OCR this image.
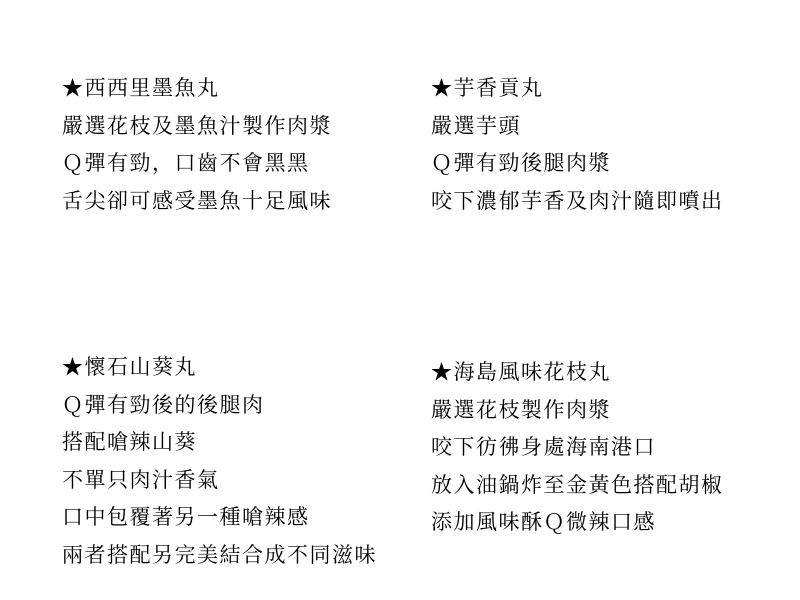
★西西里墨魚丸
嚴選花枝及墨魚汁製作肉漿
Ｑ彈有勁，口齒不會黑黑
舌尖卻可感受墨魚十足風味
★芋香貢丸
嚴選芋頭
Ｑ彈有勁後腿肉漿
咬下濃郁芋香及肉汁隨即噴出
★懷石山葵丸
Ｑ彈有勁後的後腿肉
搭配嗆辣山葵
不單只肉汁香氣
口中包覆著另一種嗆辣感
兩者搭配另完美結合成不同滋味
★海島風味花枝丸
嚴選花枝製作肉漿
咬下彷彿身處海南港口
放入油鍋炸至金黃色搭配胡椒
添加風味酥Ｑ微辣口感
